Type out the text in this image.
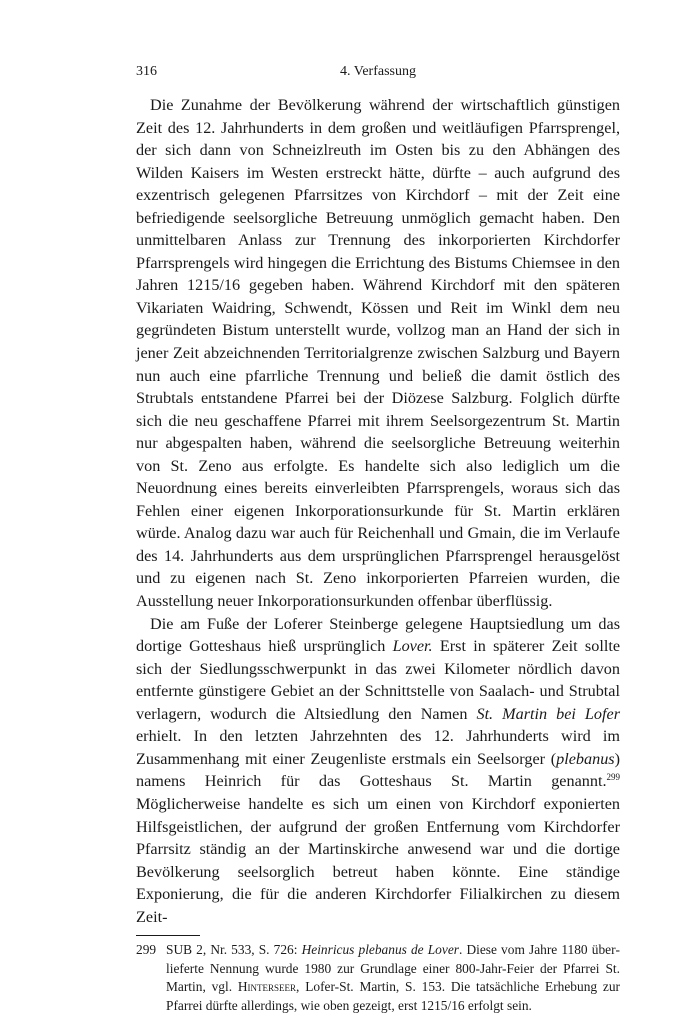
316	4. Verfassung

Die Zunahme der Bevölkerung während der wirtschaftlich günstigen Zeit des 12. Jahrhunderts in dem großen und weitläufigen Pfarrsprengel, der sich dann von Schneizlreuth im Osten bis zu den Abhängen des Wilden Kaisers im Westen erstreckt hätte, dürfte – auch aufgrund des exzentrisch gelegenen Pfarrsitzes von Kirchdorf – mit der Zeit eine befriedigende seelsorgliche Betreuung unmöglich gemacht haben. Den unmittelbaren Anlass zur Trennung des inkorporierten Kirchdorfer Pfarrsprengels wird hingegen die Errichtung des Bistums Chiemsee in den Jahren 1215/16 gegeben haben. Während Kirchdorf mit den späteren Vikariaten Waidring, Schwendt, Kössen und Reit im Winkl dem neu gegründeten Bistum unterstellt wurde, vollzog man an Hand der sich in jener Zeit abzeichnenden Territorialgrenze zwischen Salzburg und Bayern nun auch eine pfarrliche Trennung und beließ die damit östlich des Strubtals entstandene Pfarrei bei der Diözese Salzburg. Folglich dürfte sich die neu geschaffene Pfarrei mit ihrem Seelsorgezentrum St. Martin nur abgespalten haben, während die seelsorgliche Betreuung weiterhin von St. Zeno aus erfolgte. Es handelte sich also lediglich um die Neuordnung eines bereits einverleibten Pfarrsprengels, woraus sich das Fehlen einer eigenen Inkorporationsurkunde für St. Martin erklären würde. Analog dazu war auch für Reichenhall und Gmain, die im Verlaufe des 14. Jahrhunderts aus dem ursprünglichen Pfarrsprengel herausgelöst und zu eigenen nach St. Zeno inkorporierten Pfarreien wurden, die Ausstellung neuer Inkorporationsurkunden offenbar überflüssig.

Die am Fuße der Loferer Steinberge gelegene Hauptsiedlung um das dortige Gotteshaus hieß ursprünglich Lover. Erst in späterer Zeit sollte sich der Siedlungsschwerpunkt in das zwei Kilometer nördlich davon entfernte günstigere Gebiet an der Schnittstelle von Saalach- und Strubtal verlagern, wodurch die Altsiedlung den Namen St. Martin bei Lofer erhielt. In den letzten Jahrzehnten des 12. Jahrhunderts wird im Zusammenhang mit einer Zeugenliste erstmals ein Seelsorger (plebanus) namens Heinrich für das Gotteshaus St. Martin genannt.$^{299}$ Möglicherweise handelte es sich um einen von Kirchdorf exponierten Hilfsgeistlichen, der aufgrund der großen Entfernung vom Kirchdorfer Pfarrsitz ständig an der Martinskirche anwesend war und die dortige Bevölkerung seelsorglich betreut haben könnte. Eine ständige Exponierung, die für die anderen Kirchdorfer Filialkirchen zu diesem Zeit-

299 SUB 2, Nr. 533, S. 726: Heinricus plebanus de Lover. Diese vom Jahre 1180 überlieferte Nennung wurde 1980 zur Grundlage einer 800-Jahr-Feier der Pfarrei St. Martin, vgl. Hinterseer, Lofer-St. Martin, S. 153. Die tatsächliche Erhebung zur Pfarrei dürfte allerdings, wie oben gezeigt, erst 1215/16 erfolgt sein.
